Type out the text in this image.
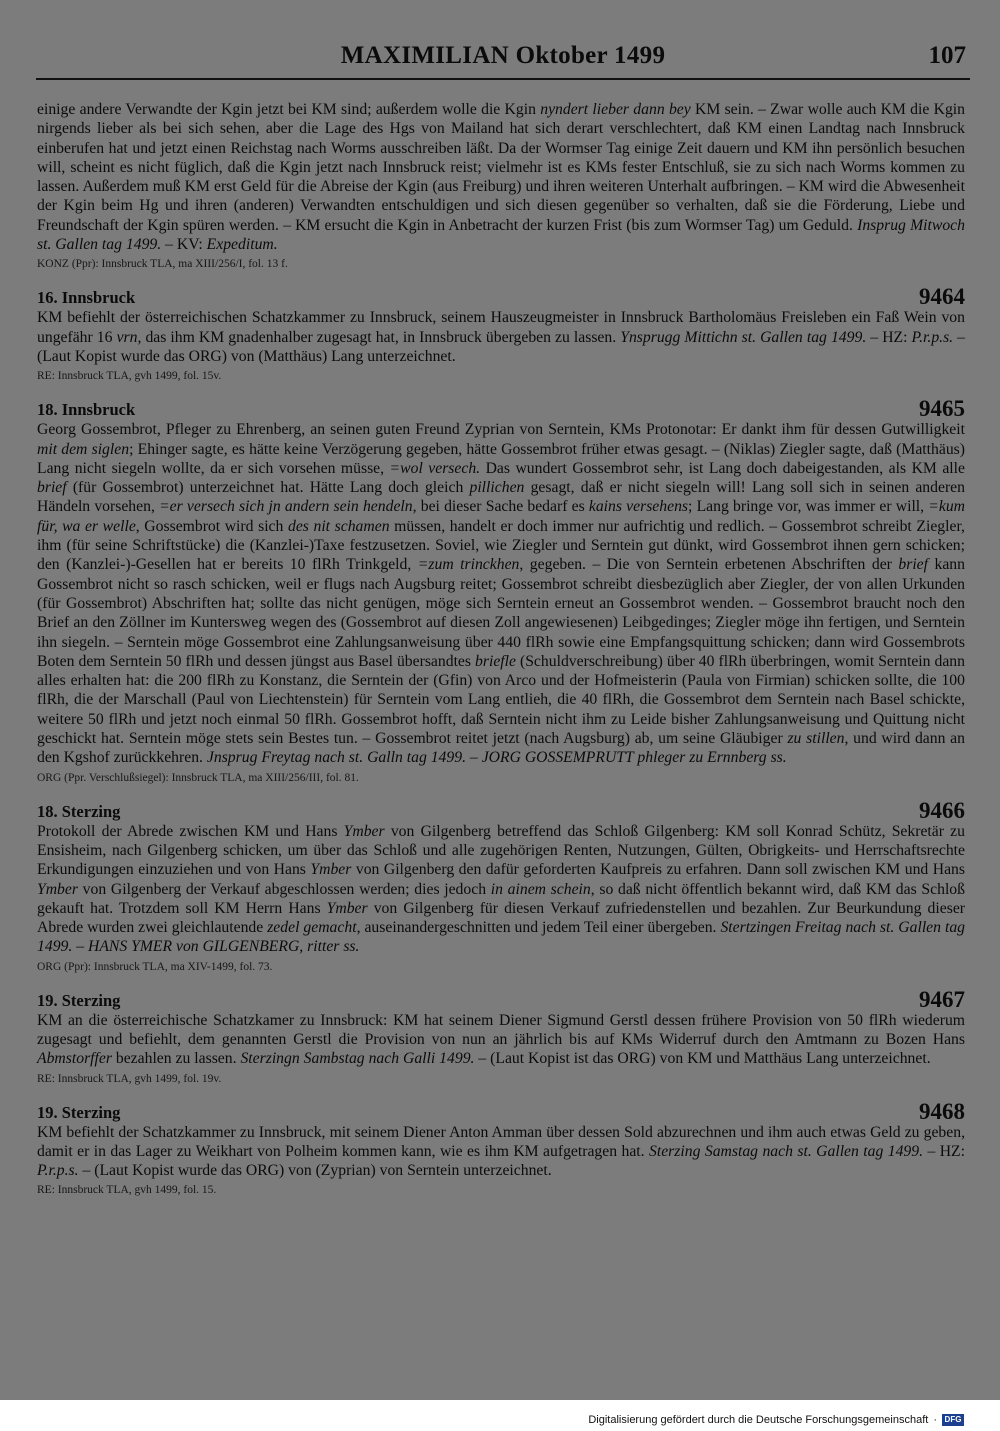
MAXIMILIAN Oktober 1499	107

einige andere Verwandte der Kgin jetzt bei KM sind; außerdem wolle die Kgin nyndert lieber dann bey KM sein. – Zwar wolle auch KM die Kgin nirgends lieber als bei sich sehen, aber die Lage des Hgs von Mailand hat sich derart verschlechtert, daß KM einen Landtag nach Innsbruck einberufen hat und jetzt einen Reichstag nach Worms ausschreiben läßt. Da der Wormser Tag einige Zeit dauern und KM ihn persönlich besuchen will, scheint es nicht füglich, daß die Kgin jetzt nach Innsbruck reist; vielmehr ist es KMs fester Entschluß, sie zu sich nach Worms kommen zu lassen. Außerdem muß KM erst Geld für die Abreise der Kgin (aus Freiburg) und ihren weiteren Unterhalt aufbringen. – KM wird die Abwesenheit der Kgin beim Hg und ihren (anderen) Verwandten entschuldigen und sich diesen gegenüber so verhalten, daß sie die Förderung, Liebe und Freundschaft der Kgin spüren werden. – KM ersucht die Kgin in Anbetracht der kurzen Frist (bis zum Wormser Tag) um Geduld. Insprug Mitwoch st. Gallen tag 1499. – KV: Expeditum.

KONZ (Ppr): Innsbruck TLA, ma XIII/256/I, fol. 13 f.

16. Innsbruck	9464

KM befiehlt der österreichischen Schatzkammer zu Innsbruck, seinem Hauszeugmeister in Innsbruck Bartholomäus Freisleben ein Faß Wein von ungefähr 16 vrn, das ihm KM gnadenhalber zugesagt hat, in Innsbruck übergeben zu lassen. Ynsprugg Mittichn st. Gallen tag 1499. – HZ: P.r.p.s. – (Laut Kopist wurde das ORG) von (Matthäus) Lang unterzeichnet.

RE: Innsbruck TLA, gvh 1499, fol. 15v.

18. Innsbruck	9465

Georg Gossembrot, Pfleger zu Ehrenberg, an seinen guten Freund Zyprian von Serntein, KMs Protonotar: Er dankt ihm für dessen Gutwilligkeit mit dem siglen; Ehinger sagte, es hätte keine Verzögerung gegeben, hätte Gossembrot früher etwas gesagt. – (Niklas) Ziegler sagte, daß (Matthäus) Lang nicht siegeln wollte, da er sich vorsehen müsse, =wol versech. Das wundert Gossembrot sehr, ist Lang doch dabeigestanden, als KM alle brief (für Gossembrot) unterzeichnet hat. Hätte Lang doch gleich pillichen gesagt, daß er nicht siegeln will! Lang soll sich in seinen anderen Händeln vorsehen, =er versech sich jn andern sein hendeln, bei dieser Sache bedarf es kains versehens; Lang bringe vor, was immer er will, =kum für, wa er welle, Gossembrot wird sich des nit schamen müssen, handelt er doch immer nur aufrichtig und redlich. – Gossembrot schreibt Ziegler, ihm (für seine Schriftstücke) die (Kanzlei-)Taxe festzusetzen. Soviel, wie Ziegler und Serntein gut dünkt, wird Gossembrot ihnen gern schicken; den (Kanzlei-)-Gesellen hat er bereits 10 flRh Trinkgeld, =zum trinckhen, gegeben. – Die von Serntein erbetenen Abschriften der brief kann Gossembrot nicht so rasch schicken, weil er flugs nach Augsburg reitet; Gossembrot schreibt diesbezüglich aber Ziegler, der von allen Urkunden (für Gossembrot) Abschriften hat; sollte das nicht genügen, möge sich Serntein erneut an Gossembrot wenden. – Gossembrot braucht noch den Brief an den Zöllner im Kuntersweg wegen des (Gossembrot auf diesen Zoll angewiesenen) Leibgedinges; Ziegler möge ihn fertigen, und Serntein ihn siegeln. – Serntein möge Gossembrot eine Zahlungsanweisung über 440 flRh sowie eine Empfangsquittung schicken; dann wird Gossembrots Boten dem Serntein 50 flRh und dessen jüngst aus Basel übersandtes briefle (Schuldverschreibung) über 40 flRh überbringen, womit Serntein dann alles erhalten hat: die 200 flRh zu Konstanz, die Serntein der (Gfin) von Arco und der Hofmeisterin (Paula von Firmian) schicken sollte, die 100 flRh, die der Marschall (Paul von Liechtenstein) für Serntein vom Lang entlieh, die 40 flRh, die Gossembrot dem Serntein nach Basel schickte, weitere 50 flRh und jetzt noch einmal 50 flRh. Gossembrot hofft, daß Serntein nicht ihm zu Leide bisher Zahlungsanweisung und Quittung nicht geschickt hat. Serntein möge stets sein Bestes tun. – Gossembrot reitet jetzt (nach Augsburg) ab, um seine Gläubiger zu stillen, und wird dann an den Kgshof zurückkehren. Jnsprug Freytag nach st. Galln tag 1499. – JORG GOSSEMPRUTT phleger zu Ernnberg ss.

ORG (Ppr. Verschlußsiegel): Innsbruck TLA, ma XIII/256/III, fol. 81.

18. Sterzing	9466

Protokoll der Abrede zwischen KM und Hans Ymber von Gilgenberg betreffend das Schloß Gilgenberg: KM soll Konrad Schütz, Sekretär zu Ensisheim, nach Gilgenberg schicken, um über das Schloß und alle zugehörigen Renten, Nutzungen, Gülten, Obrigkeits- und Herrschaftsrechte Erkundigungen einzuziehen und von Hans Ymber von Gilgenberg den dafür geforderten Kaufpreis zu erfahren. Dann soll zwischen KM und Hans Ymber von Gilgenberg der Verkauf abgeschlossen werden; dies jedoch in ainem schein, so daß nicht öffentlich bekannt wird, daß KM das Schloß gekauft hat. Trotzdem soll KM Herrn Hans Ymber von Gilgenberg für diesen Verkauf zufriedenstellen und bezahlen. Zur Beurkundung dieser Abrede wurden zwei gleichlautende zedel gemacht, auseinandergeschnitten und jedem Teil einer übergeben. Stertzingen Freitag nach st. Gallen tag 1499. – HANS YMER von GILGENBERG, ritter ss.

ORG (Ppr): Innsbruck TLA, ma XIV-1499, fol. 73.

19. Sterzing	9467

KM an die österreichische Schatzkamer zu Innsbruck: KM hat seinem Diener Sigmund Gerstl dessen frühere Provision von 50 flRh wiederum zugesagt und befiehlt, dem genannten Gerstl die Provision von nun an jährlich bis auf KMs Widerruf durch den Amtmann zu Bozen Hans Abmstorffer bezahlen zu lassen. Sterzingn Sambstag nach Galli 1499. – (Laut Kopist ist das ORG) von KM und Matthäus Lang unterzeichnet.

RE: Innsbruck TLA, gvh 1499, fol. 19v.

19. Sterzing	9468

KM befiehlt der Schatzkammer zu Innsbruck, mit seinem Diener Anton Amman über dessen Sold abzurechnen und ihm auch etwas Geld zu geben, damit er in das Lager zu Weikhart von Polheim kommen kann, wie es ihm KM aufgetragen hat. Sterzing Samstag nach st. Gallen tag 1499. – HZ: P.r.p.s. – (Laut Kopist wurde das ORG) von (Zyprian) von Serntein unterzeichnet.

RE: Innsbruck TLA, gvh 1499, fol. 15.

Digitalisierung gefördert durch die Deutsche Forschungsgemeinschaft · DFG
